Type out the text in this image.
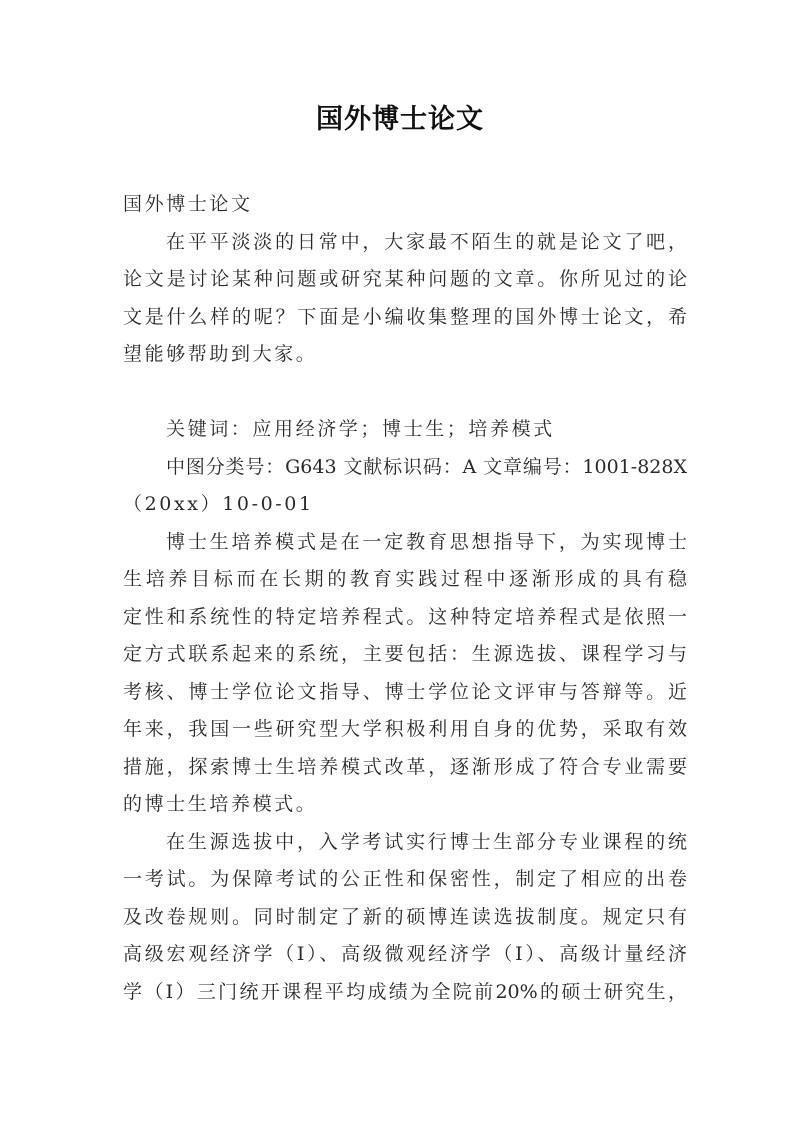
国外博士论文
国外博士论文
在平平淡淡的日常中，大家最不陌生的就是论文了吧，
论文是讨论某种问题或研究某种问题的文章。你所见过的论
文是什么样的呢？下面是小编收集整理的国外博士论文，希
望能够帮助到大家。
关键词：应用经济学；博士生；培养模式
中图分类号：G643 文献标识码：A 文章编号：1001-828X
（20xx）10-0-01
博士生培养模式是在一定教育思想指导下，为实现博士
生培养目标而在长期的教育实践过程中逐渐形成的具有稳
定性和系统性的特定培养程式。这种特定培养程式是依照一
定方式联系起来的系统，主要包括：生源选拔、课程学习与
考核、博士学位论文指导、博士学位论文评审与答辩等。近
年来，我国一些研究型大学积极利用自身的优势，采取有效
措施，探索博士生培养模式改革，逐渐形成了符合专业需要
的博士生培养模式。
在生源选拔中，入学考试实行博士生部分专业课程的统
一考试。为保障考试的公正性和保密性，制定了相应的出卷
及改卷规则。同时制定了新的硕博连读选拔制度。规定只有
高级宏观经济学（I）、高级微观经济学（I）、高级计量经济
学（I）三门统开课程平均成绩为全院前20%的硕士研究生，
